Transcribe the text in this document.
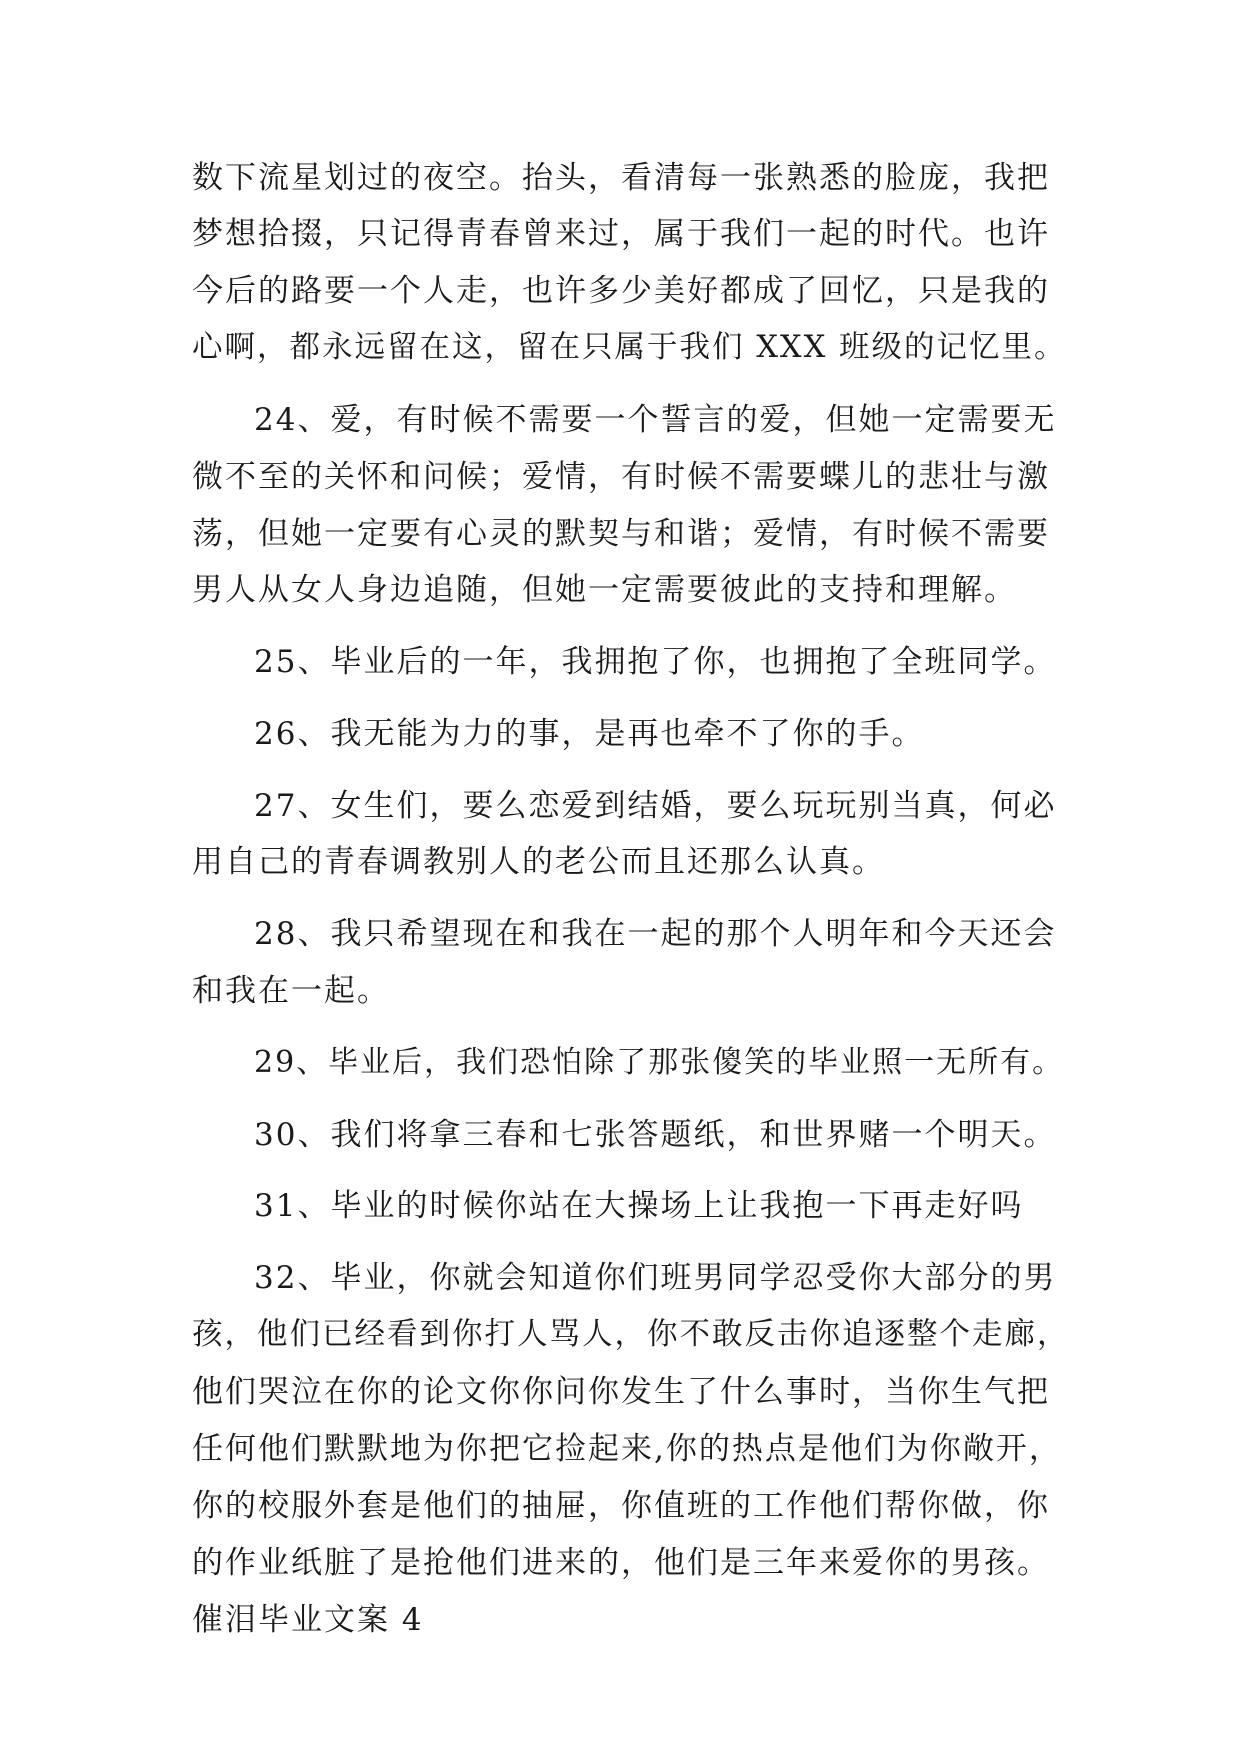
数下流星划过的夜空。抬头，看清每一张熟悉的脸庞，我把
梦想拾掇，只记得青春曾来过，属于我们一起的时代。也许
今后的路要一个人走，也许多少美好都成了回忆，只是我的
心啊，都永远留在这，留在只属于我们 XXX 班级的记忆里。
24、爱，有时候不需要一个誓言的爱，但她一定需要无
微不至的关怀和问候；爱情，有时候不需要蝶儿的悲壮与激
荡，但她一定要有心灵的默契与和谐；爱情，有时候不需要
男人从女人身边追随，但她一定需要彼此的支持和理解。
25、毕业后的一年，我拥抱了你，也拥抱了全班同学。
26、我无能为力的事，是再也牵不了你的手。
27、女生们，要么恋爱到结婚，要么玩玩别当真，何必
用自己的青春调教别人的老公而且还那么认真。
28、我只希望现在和我在一起的那个人明年和今天还会
和我在一起。
29、毕业后，我们恐怕除了那张傻笑的毕业照一无所有。
30、我们将拿三春和七张答题纸，和世界赌一个明天。
31、毕业的时候你站在大操场上让我抱一下再走好吗
32、毕业，你就会知道你们班男同学忍受你大部分的男
孩，他们已经看到你打人骂人，你不敢反击你追逐整个走廊，
他们哭泣在你的论文你你问你发生了什么事时，当你生气把
任何他们默默地为你把它捡起来,你的热点是他们为你敞开，
你的校服外套是他们的抽屉，你值班的工作他们帮你做，你
的作业纸脏了是抢他们进来的，他们是三年来爱你的男孩。
催泪毕业文案 4
